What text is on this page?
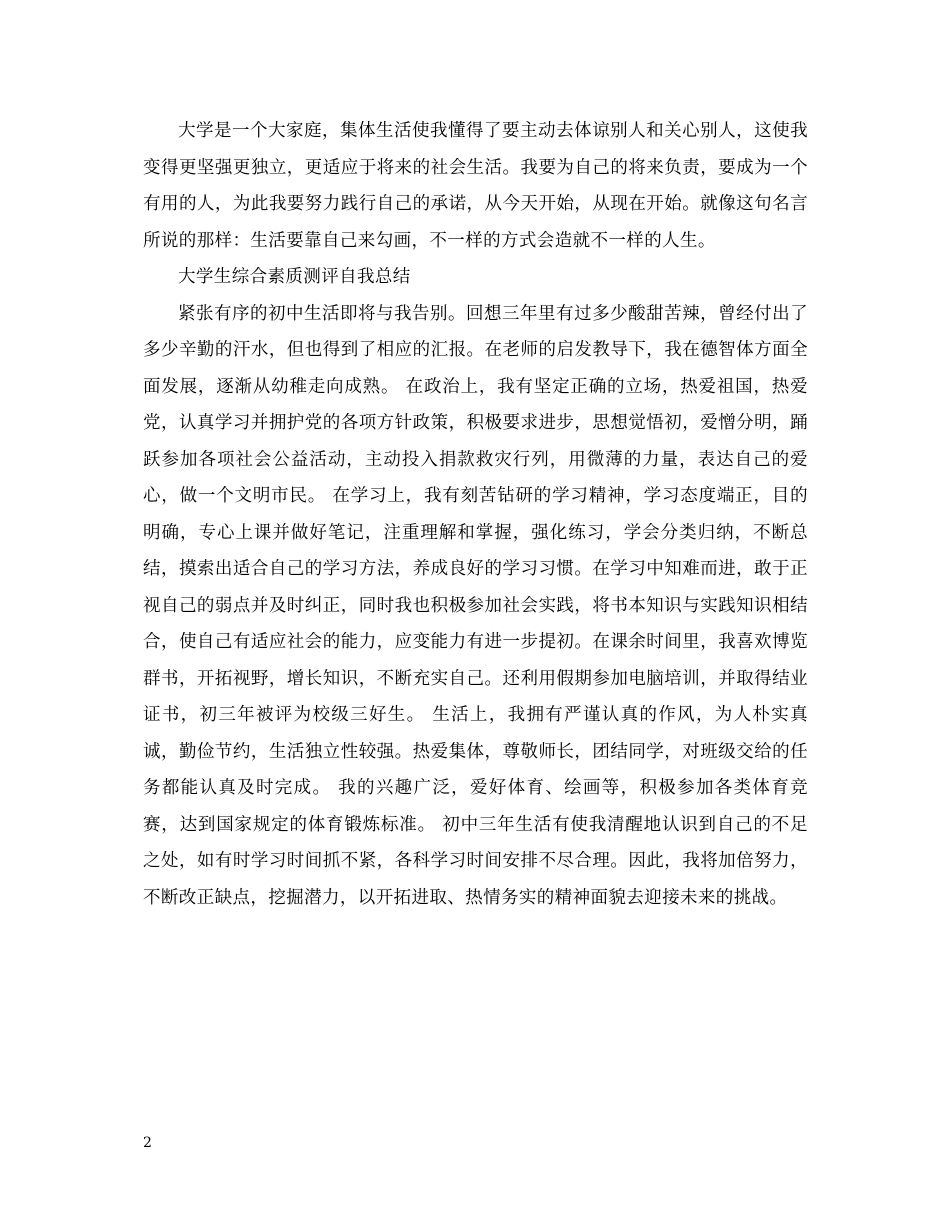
大学是一个大家庭，集体生活使我懂得了要主动去体谅别人和关心别人，这使我变得更坚强更独立，更适应于将来的社会生活。我要为自己的将来负责，要成为一个有用的人，为此我要努力践行自己的承诺，从今天开始，从现在开始。就像这句名言所说的那样：生活要靠自己来勾画，不一样的方式会造就不一样的人生。

大学生综合素质测评自我总结

紧张有序的初中生活即将与我告别。回想三年里有过多少酸甜苦辣，曾经付出了多少辛勤的汗水，但也得到了相应的汇报。在老师的启发教导下，我在德智体方面全面发展，逐渐从幼稚走向成熟。 在政治上，我有坚定正确的立场，热爱祖国，热爱党，认真学习并拥护党的各项方针政策，积极要求进步，思想觉悟初，爱憎分明，踊跃参加各项社会公益活动，主动投入捐款救灾行列，用微薄的力量，表达自己的爱心，做一个文明市民。 在学习上，我有刻苦钻研的学习精神，学习态度端正，目的明确，专心上课并做好笔记，注重理解和掌握，强化练习，学会分类归纳，不断总结，摸索出适合自己的学习方法，养成良好的学习习惯。在学习中知难而进，敢于正视自己的弱点并及时纠正，同时我也积极参加社会实践，将书本知识与实践知识相结合，使自己有适应社会的能力，应变能力有进一步提初。在课余时间里，我喜欢博览群书，开拓视野，增长知识，不断充实自己。还利用假期参加电脑培训，并取得结业证书，初三年被评为校级三好生。 生活上，我拥有严谨认真的作风，为人朴实真诚，勤俭节约，生活独立性较强。热爱集体，尊敬师长，团结同学，对班级交给的任务都能认真及时完成。 我的兴趣广泛，爱好体育、绘画等，积极参加各类体育竞赛，达到国家规定的体育锻炼标准。 初中三年生活有使我清醒地认识到自己的不足之处，如有时学习时间抓不紧，各科学习时间安排不尽合理。因此，我将加倍努力，不断改正缺点，挖掘潜力，以开拓进取、热情务实的精神面貌去迎接未来的挑战。

2
